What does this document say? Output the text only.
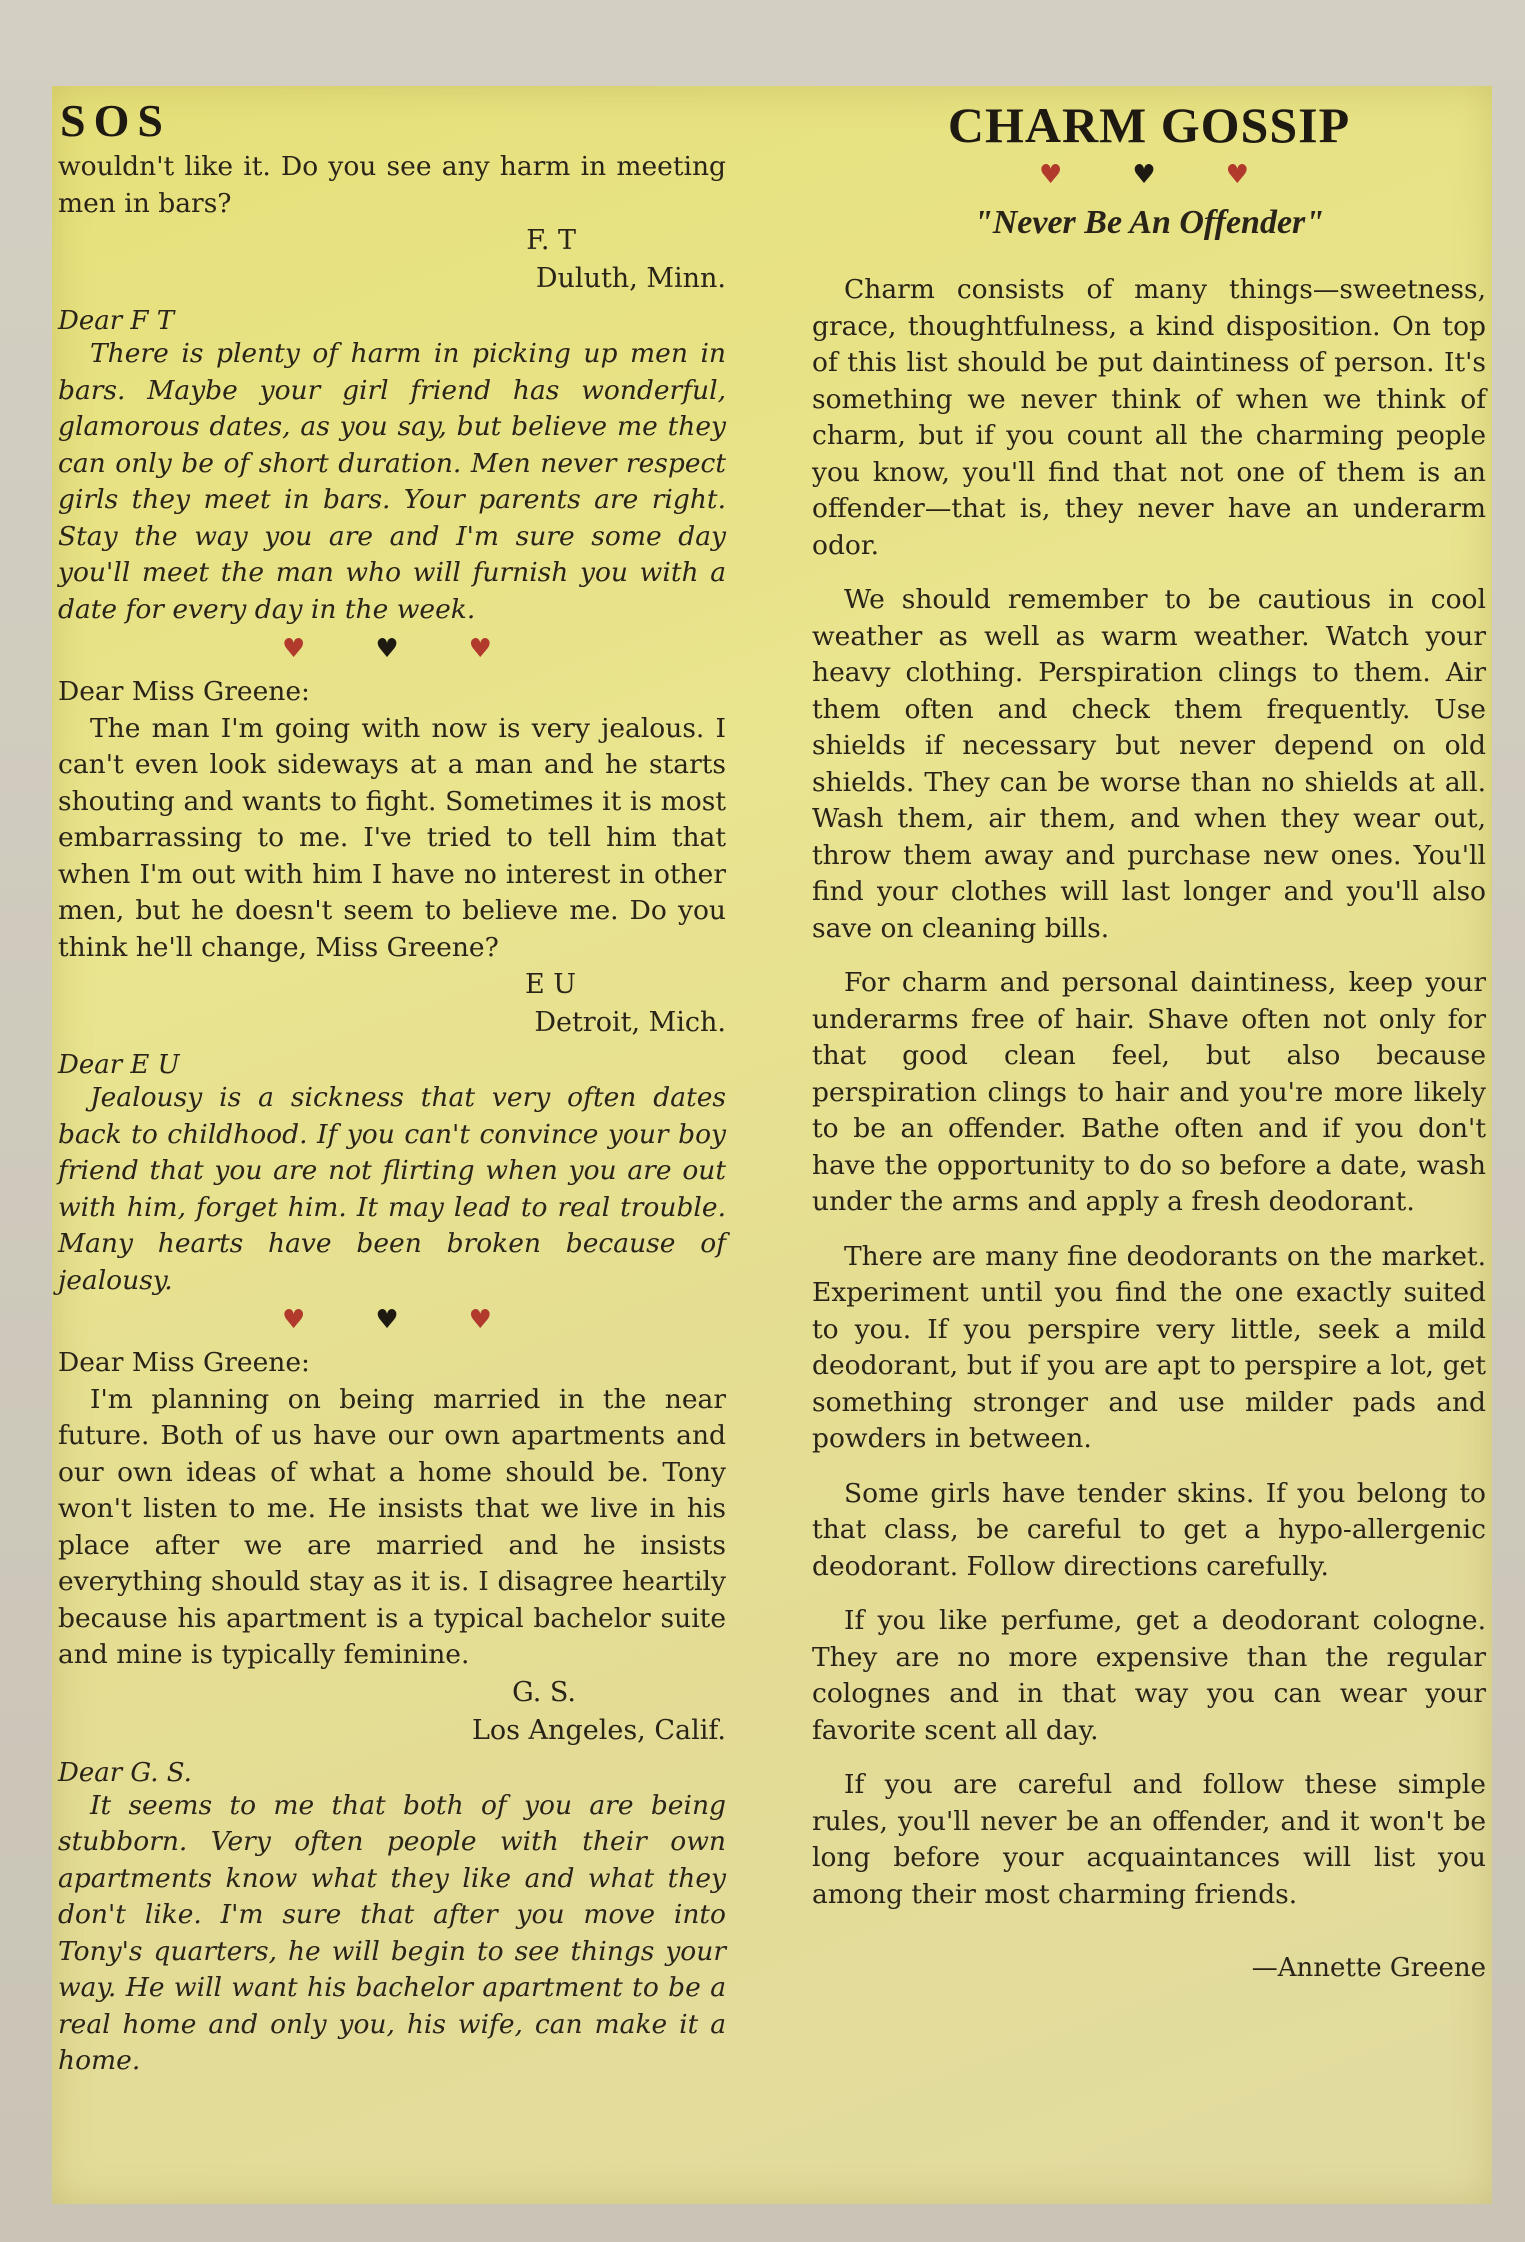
SOS

wouldn't like it. Do you see any harm in meeting men in bars?

F. T
Duluth, Minn.
Dear F T

There is plenty of harm in picking up men in bars. Maybe your girl friend has wonderful, glamorous dates, as you say, but believe me they can only be of short duration. Men never respect girls they meet in bars. Your parents are right. Stay the way you are and I'm sure some day you'll meet the man who will furnish you with a date for every day in the week.

♥♥♥
Dear Miss Greene:

The man I'm going with now is very jealous. I can't even look sideways at a man and he starts shouting and wants to fight. Sometimes it is most embarrassing to me. I've tried to tell him that when I'm out with him I have no interest in other men, but he doesn't seem to believe me. Do you think he'll change, Miss Greene?

E U
Detroit, Mich.
Dear E U

Jealousy is a sickness that very often dates back to childhood. If you can't convince your boy friend that you are not flirting when you are out with him, forget him. It may lead to real trouble. Many hearts have been broken because of jealousy.

♥♥♥
Dear Miss Greene:

I'm planning on being married in the near future. Both of us have our own apartments and our own ideas of what a home should be. Tony won't listen to me. He insists that we live in his place after we are married and he insists everything should stay as it is. I disagree heartily because his apartment is a typical bachelor suite and mine is typically feminine.

G. S.
Los Angeles, Calif.
Dear G. S.

It seems to me that both of you are being stubborn. Very often people with their own apartments know what they like and what they don't like. I'm sure that after you move into Tony's quarters, he will begin to see things your way. He will want his bachelor apartment to be a real home and only you, his wife, can make it a home.

CHARM GOSSIP
♥♥♥
"Never Be An Offender"

Charm consists of many things—sweetness, grace, thoughtfulness, a kind disposition. On top of this list should be put daintiness of person. It's something we never think of when we think of charm, but if you count all the charming people you know, you'll find that not one of them is an offender—that is, they never have an underarm odor.

We should remember to be cautious in cool weather as well as warm weather. Watch your heavy clothing. Perspiration clings to them. Air them often and check them frequently. Use shields if necessary but never depend on old shields. They can be worse than no shields at all. Wash them, air them, and when they wear out, throw them away and purchase new ones. You'll find your clothes will last longer and you'll also save on cleaning bills.

For charm and personal daintiness, keep your underarms free of hair. Shave often not only for that good clean feel, but also because perspiration clings to hair and you're more likely to be an offender. Bathe often and if you don't have the opportunity to do so before a date, wash under the arms and apply a fresh deodorant.

There are many fine deodorants on the market. Experiment until you find the one exactly suited to you. If you perspire very little, seek a mild deodorant, but if you are apt to perspire a lot, get something stronger and use milder pads and powders in between.

Some girls have tender skins. If you belong to that class, be careful to get a hypo-allergenic deodorant. Follow directions carefully.

If you like perfume, get a deodorant cologne. They are no more expensive than the regular colognes and in that way you can wear your favorite scent all day.

If you are careful and follow these simple rules, you'll never be an offender, and it won't be long before your acquaintances will list you among their most charming friends.

—Annette Greene
